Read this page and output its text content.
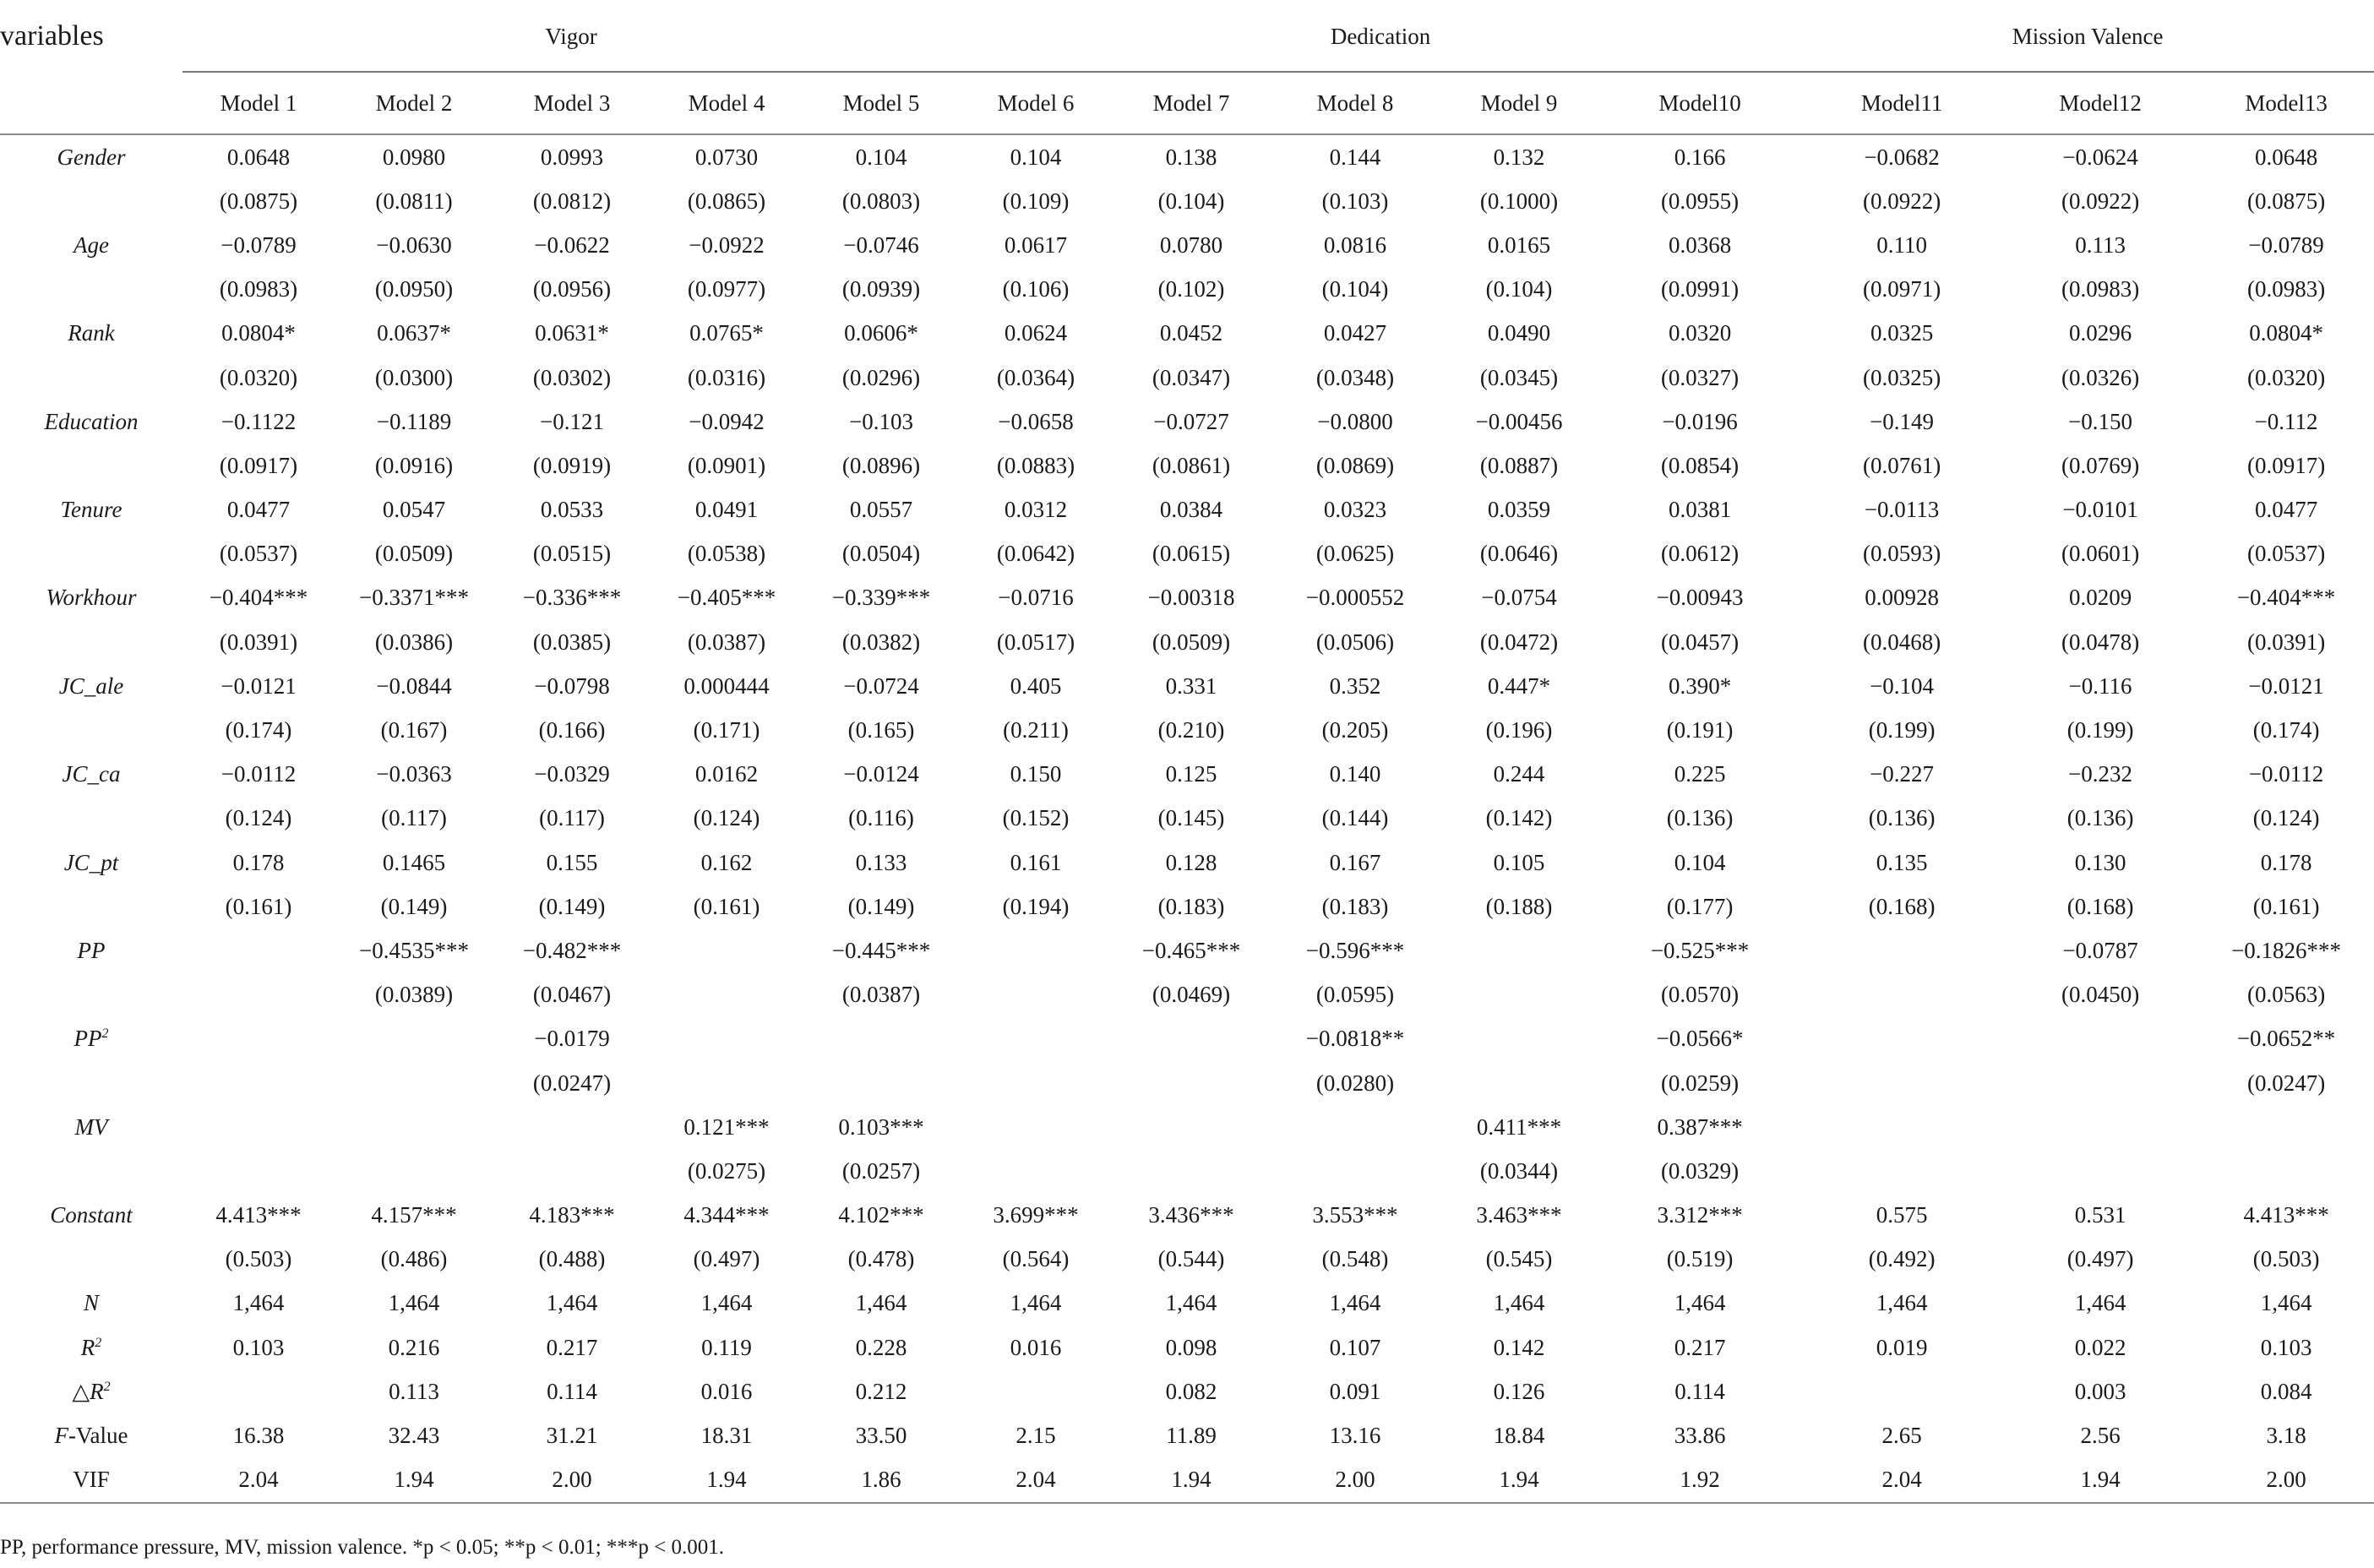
variables	Vigor					Dedication					Mission Valence		
	Model 1	Model 2	Model 3	Model 4	Model 5	Model 6	Model 7	Model 8	Model 9	Model10	Model11	Model12	Model13
Gender	0.0648	0.0980	0.0993	0.0730	0.104	0.104	0.138	0.144	0.132	0.166	−0.0682	−0.0624	0.0648
	(0.0875)	(0.0811)	(0.0812)	(0.0865)	(0.0803)	(0.109)	(0.104)	(0.103)	(0.1000)	(0.0955)	(0.0922)	(0.0922)	(0.0875)
Age	−0.0789	−0.0630	−0.0622	−0.0922	−0.0746	0.0617	0.0780	0.0816	0.0165	0.0368	0.110	0.113	−0.0789
	(0.0983)	(0.0950)	(0.0956)	(0.0977)	(0.0939)	(0.106)	(0.102)	(0.104)	(0.104)	(0.0991)	(0.0971)	(0.0983)	(0.0983)
Rank	0.0804*	0.0637*	0.0631*	0.0765*	0.0606*	0.0624	0.0452	0.0427	0.0490	0.0320	0.0325	0.0296	0.0804*
	(0.0320)	(0.0300)	(0.0302)	(0.0316)	(0.0296)	(0.0364)	(0.0347)	(0.0348)	(0.0345)	(0.0327)	(0.0325)	(0.0326)	(0.0320)
Education	−0.1122	−0.1189	−0.121	−0.0942	−0.103	−0.0658	−0.0727	−0.0800	−0.00456	−0.0196	−0.149	−0.150	−0.112
	(0.0917)	(0.0916)	(0.0919)	(0.0901)	(0.0896)	(0.0883)	(0.0861)	(0.0869)	(0.0887)	(0.0854)	(0.0761)	(0.0769)	(0.0917)
Tenure	0.0477	0.0547	0.0533	0.0491	0.0557	0.0312	0.0384	0.0323	0.0359	0.0381	−0.0113	−0.0101	0.0477
	(0.0537)	(0.0509)	(0.0515)	(0.0538)	(0.0504)	(0.0642)	(0.0615)	(0.0625)	(0.0646)	(0.0612)	(0.0593)	(0.0601)	(0.0537)
Workhour	−0.404***	−0.3371***	−0.336***	−0.405***	−0.339***	−0.0716	−0.00318	−0.000552	−0.0754	−0.00943	0.00928	0.0209	−0.404***
	(0.0391)	(0.0386)	(0.0385)	(0.0387)	(0.0382)	(0.0517)	(0.0509)	(0.0506)	(0.0472)	(0.0457)	(0.0468)	(0.0478)	(0.0391)
JC_ale	−0.0121	−0.0844	−0.0798	0.000444	−0.0724	0.405	0.331	0.352	0.447*	0.390*	−0.104	−0.116	−0.0121
	(0.174)	(0.167)	(0.166)	(0.171)	(0.165)	(0.211)	(0.210)	(0.205)	(0.196)	(0.191)	(0.199)	(0.199)	(0.174)
JC_ca	−0.0112	−0.0363	−0.0329	0.0162	−0.0124	0.150	0.125	0.140	0.244	0.225	−0.227	−0.232	−0.0112
	(0.124)	(0.117)	(0.117)	(0.124)	(0.116)	(0.152)	(0.145)	(0.144)	(0.142)	(0.136)	(0.136)	(0.136)	(0.124)
JC_pt	0.178	0.1465	0.155	0.162	0.133	0.161	0.128	0.167	0.105	0.104	0.135	0.130	0.178
	(0.161)	(0.149)	(0.149)	(0.161)	(0.149)	(0.194)	(0.183)	(0.183)	(0.188)	(0.177)	(0.168)	(0.168)	(0.161)
PP		−0.4535***	−0.482***		−0.445***		−0.465***	−0.596***		−0.525***		−0.0787	−0.1826***
		(0.0389)	(0.0467)		(0.0387)		(0.0469)	(0.0595)		(0.0570)		(0.0450)	(0.0563)
$PP^2$			−0.0179					−0.0818**		−0.0566*			−0.0652**
			(0.0247)					(0.0280)		(0.0259)			(0.0247)
MV				0.121***	0.103***				0.411***	0.387***			
				(0.0275)	(0.0257)				(0.0344)	(0.0329)			
Constant	4.413***	4.157***	4.183***	4.344***	4.102***	3.699***	3.436***	3.553***	3.463***	3.312***	0.575	0.531	4.413***
	(0.503)	(0.486)	(0.488)	(0.497)	(0.478)	(0.564)	(0.544)	(0.548)	(0.545)	(0.519)	(0.492)	(0.497)	(0.503)
N	1,464	1,464	1,464	1,464	1,464	1,464	1,464	1,464	1,464	1,464	1,464	1,464	1,464
$R^2$	0.103	0.216	0.217	0.119	0.228	0.016	0.098	0.107	0.142	0.217	0.019	0.022	0.103
$\triangle R^2$		0.113	0.114	0.016	0.212		0.082	0.091	0.126	0.114		0.003	0.084
F-Value	16.38	32.43	31.21	18.31	33.50	2.15	11.89	13.16	18.84	33.86	2.65	2.56	3.18
VIF	2.04	1.94	2.00	1.94	1.86	2.04	1.94	2.00	1.94	1.92	2.04	1.94	2.00
PP, performance pressure, MV, mission valence. *p < 0.05; **p < 0.01; ***p < 0.001.
